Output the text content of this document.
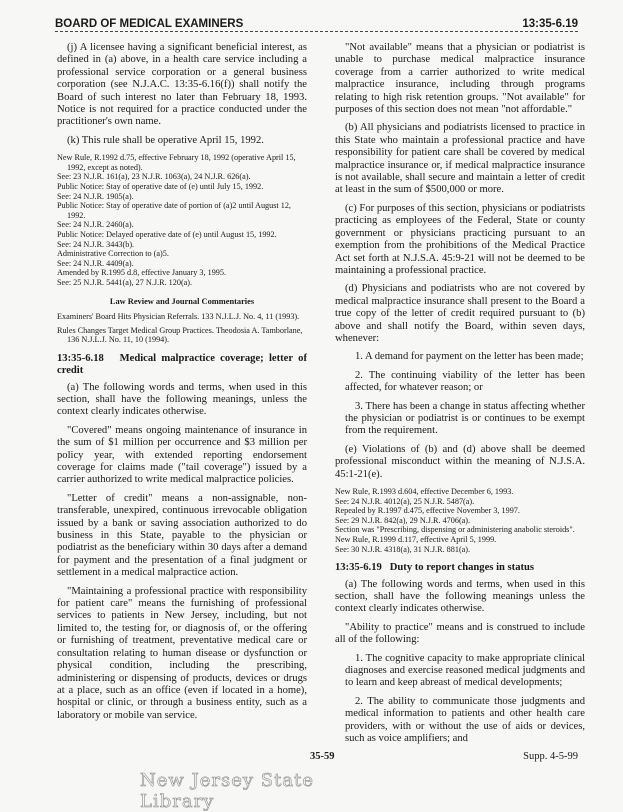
BOARD OF MEDICAL EXAMINERS	13:35-6.19

(j) A licensee having a significant beneficial interest, as defined in (a) above, in a health care service including a professional service corporation or a general business corporation (see N.J.A.C. 13:35-6.16(f)) shall notify the Board of such interest no later than February 18, 1993. Notice is not required for a practice conducted under the practitioner's own name.

(k) This rule shall be operative April 15, 1992.

New Rule, R.1992 d.75, effective February 18, 1992 (operative April 15, 1992, except as noted).

See: 23 N.J.R. 161(a), 23 N.J.R. 1063(a), 24 N.J.R. 626(a).

Public Notice: Stay of operative date of (e) until July 15, 1992.

See: 24 N.J.R. 1905(a).

Public Notice: Stay of operative date of portion of (a)2 until August 12, 1992.

See: 24 N.J.R. 2460(a).

Public Notice: Delayed operative date of (e) until August 15, 1992.

See: 24 N.J.R. 3443(b).

Administrative Correction to (a)5.

See: 24 N.J.R. 4409(a).

Amended by R.1995 d.8, effective January 3, 1995.

See: 25 N.J.R. 5441(a), 27 N.J.R. 120(a).

Law Review and Journal Commentaries

Examiners' Board Hits Physician Referrals. 133 N.J.L.J. No. 4, 11 (1993).

Rules Changes Target Medical Group Practices. Theodosia A. Tamborlane, 136 N.J.L.J. No. 11, 10 (1994).

13:35-6.18 Medical malpractice coverage; letter of credit

(a) The following words and terms, when used in this section, shall have the following meanings, unless the context clearly indicates otherwise.

"Covered" means ongoing maintenance of insurance in the sum of $1 million per occurrence and $3 million per policy year, with extended reporting endorsement coverage for claims made ("tail coverage") issued by a carrier authorized to write medical malpractice policies.

"Letter of credit" means a non-assignable, non-transferable, unexpired, continuous irrevocable obligation issued by a bank or saving association authorized to do business in this State, payable to the physician or podiatrist as the beneficiary within 30 days after a demand for payment and the presentation of a final judgment or settlement in a medical malpractice action.

"Maintaining a professional practice with responsibility for patient care" means the furnishing of professional services to patients in New Jersey, including, but not limited to, the testing for, or diagnosis of, or the offering or furnishing of treatment, preventative medical care or consultation relating to human disease or dysfunction or physical condition, including the prescribing, administering or dispensing of products, devices or drugs at a place, such as an office (even if located in a home), hospital or clinic, or through a business entity, such as a laboratory or mobile van service.

"Not available" means that a physician or podiatrist is unable to purchase medical malpractice insurance coverage from a carrier authorized to write medical malpractice insurance, including through programs relating to high risk retention groups. "Not available" for purposes of this section does not mean "not affordable."

(b) All physicians and podiatrists licensed to practice in this State who maintain a professional practice and have responsibility for patient care shall be covered by medical malpractice insurance or, if medical malpractice insurance is not available, shall secure and maintain a letter of credit at least in the sum of $500,000 or more.

(c) For purposes of this section, physicians or podiatrists practicing as employees of the Federal, State or county government or physicians practicing pursuant to an exemption from the prohibitions of the Medical Practice Act set forth at N.J.S.A. 45:9-21 will not be deemed to be maintaining a professional practice.

(d) Physicians and podiatrists who are not covered by medical malpractice insurance shall present to the Board a true copy of the letter of credit required pursuant to (b) above and shall notify the Board, within seven days, whenever:

1. A demand for payment on the letter has been made;

2. The continuing viability of the letter has been affected, for whatever reason; or

3. There has been a change in status affecting whether the physician or podiatrist is or continues to be exempt from the requirement.

(e) Violations of (b) and (d) above shall be deemed professional misconduct within the meaning of N.J.S.A. 45:1-21(e).

New Rule, R.1993 d.604, effective December 6, 1993.

See: 24 N.J.R. 4012(a), 25 N.J.R. 5487(a).

Repealed by R.1997 d.475, effective November 3, 1997.

See: 29 N.J.R. 842(a), 29 N.J.R. 4706(a).

Section was "Prescribing, dispensing or administering anabolic steroids".

New Rule, R.1999 d.117, effective April 5, 1999.

See: 30 N.J.R. 4318(a), 31 N.J.R. 881(a).

13:35-6.19 Duty to report changes in status

(a) The following words and terms, when used in this section, shall have the following meanings unless the context clearly indicates otherwise.

"Ability to practice" means and is construed to include all of the following:

1. The cognitive capacity to make appropriate clinical diagnoses and exercise reasoned medical judgments and to learn and keep abreast of medical developments;

2. The ability to communicate those judgments and medical information to patients and other health care providers, with or without the use of aids or devices, such as voice amplifiers; and

35-59	Supp. 4-5-99
New Jersey State Library
